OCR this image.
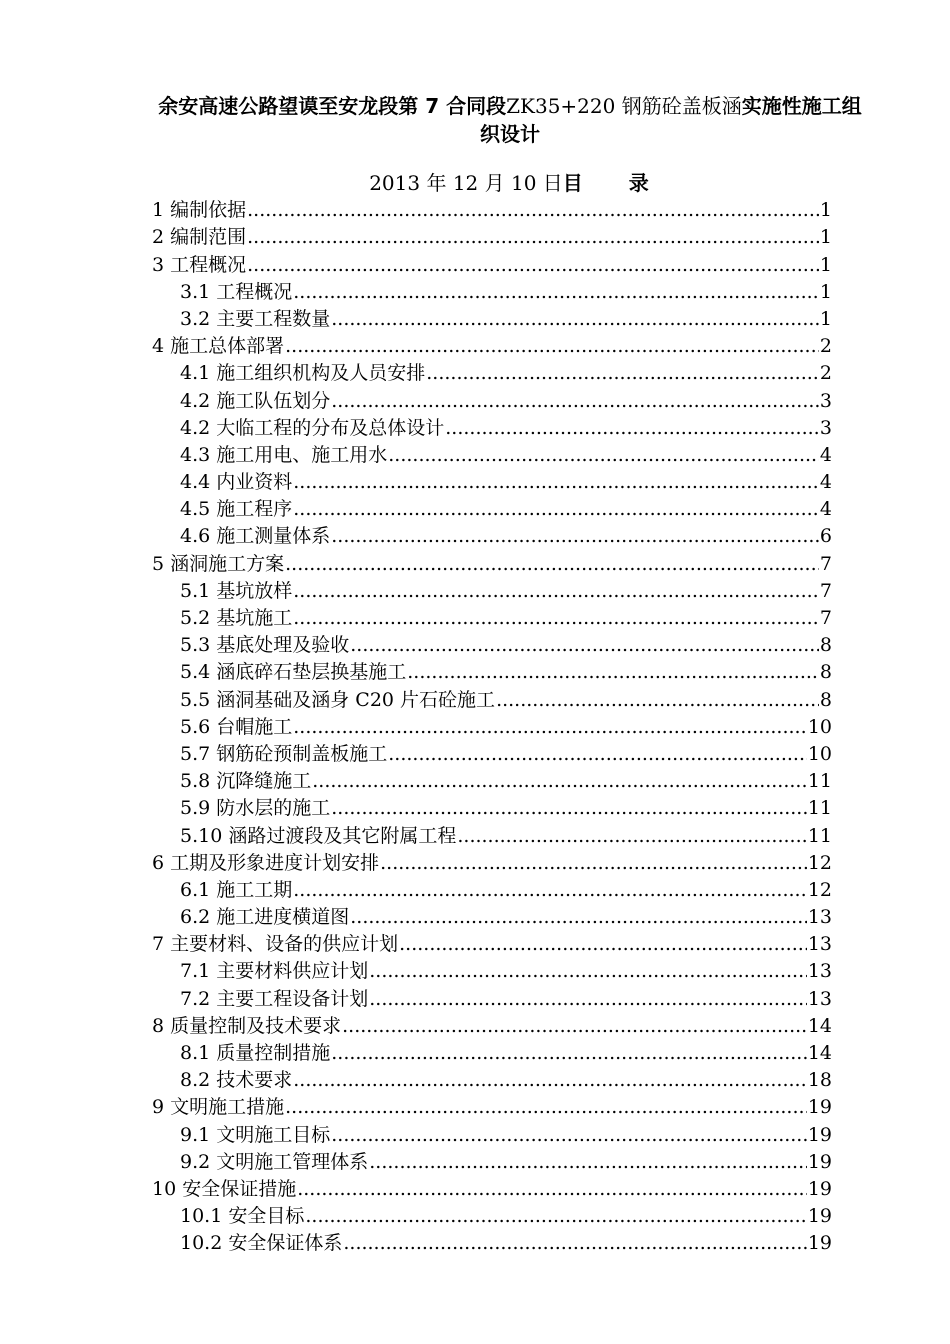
余安高速公路望谟至安龙段第 7 合同段ZK35+220 钢筋砼盖板涵实施性施工组织设计
2013 年 12 月 10 日目　　录
1 编制依据 .....	1
2 编制范围 .....	1
3 工程概况 .....	1
3.1 工程概况 .....	1
3.2 主要工程数量 .....	1
4 施工总体部署 .....	2
4.1 施工组织机构及人员安排 .....	2
4.2 施工队伍划分 .....	3
4.2 大临工程的分布及总体设计 .....	3
4.3 施工用电、施工用水 .....	4
4.4 内业资料 .....	4
4.5 施工程序 .....	4
4.6 施工测量体系 .....	6
5 涵洞施工方案 .....	7
5.1 基坑放样 .....	7
5.2 基坑施工 .....	7
5.3 基底处理及验收 .....	8
5.4 涵底碎石垫层换基施工 .....	8
5.5 涵洞基础及涵身 C20 片石砼施工 .....	8
5.6 台帽施工 .....	10
5.7 钢筋砼预制盖板施工 .....	10
5.8 沉降缝施工 .....	11
5.9 防水层的施工 .....	11
5.10 涵路过渡段及其它附属工程 .....	11
6 工期及形象进度计划安排 .....	12
6.1 施工工期 .....	12
6.2 施工进度横道图 .....	13
7 主要材料、设备的供应计划 .....	13
7.1 主要材料供应计划 .....	13
7.2 主要工程设备计划 .....	13
8 质量控制及技术要求 .....	14
8.1 质量控制措施 .....	14
8.2 技术要求 .....	18
9 文明施工措施 .....	19
9.1 文明施工目标 .....	19
9.2 文明施工管理体系 .....	19
10 安全保证措施 .....	19
10.1 安全目标 .....	19
10.2 安全保证体系 .....	19
